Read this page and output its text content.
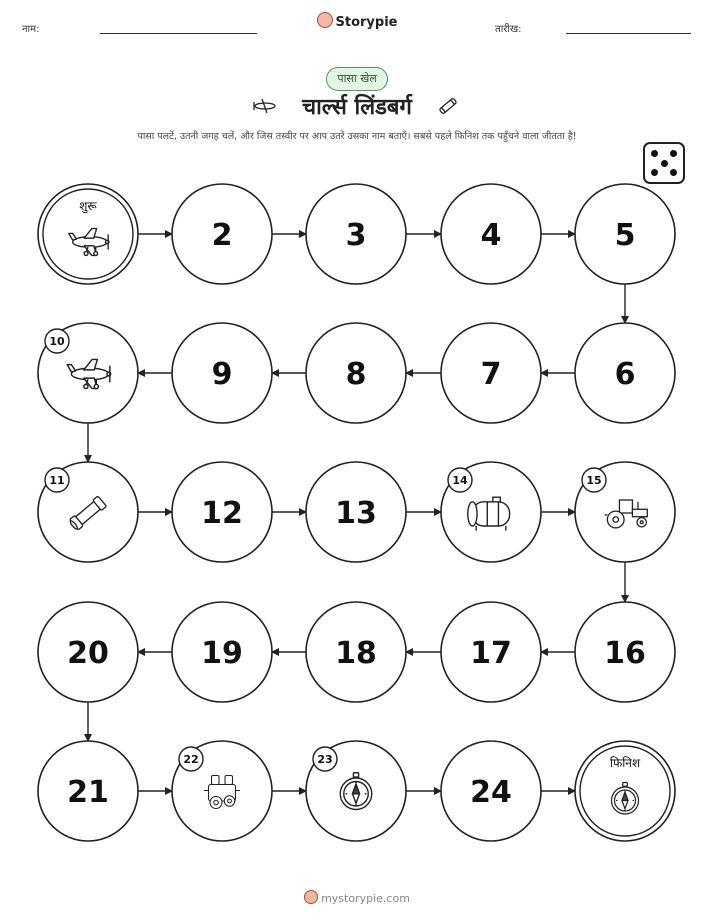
नाम:	Storypie	तारीख:
पासा खेल
चार्ल्स लिंडबर्ग
पासा पलटें, उतनी जगह चलें, और जिस तस्वीर पर आप उतरें उसका नाम बताएँ। सबसे पहले फिनिश तक पहुँचने वाला जीतता है!
शुरू
2	3	4	5
6
7
8
9
10
11
12	13
14	15
16
17
18
19
20
21
22	23
24
फिनिश
mystorypie.com
